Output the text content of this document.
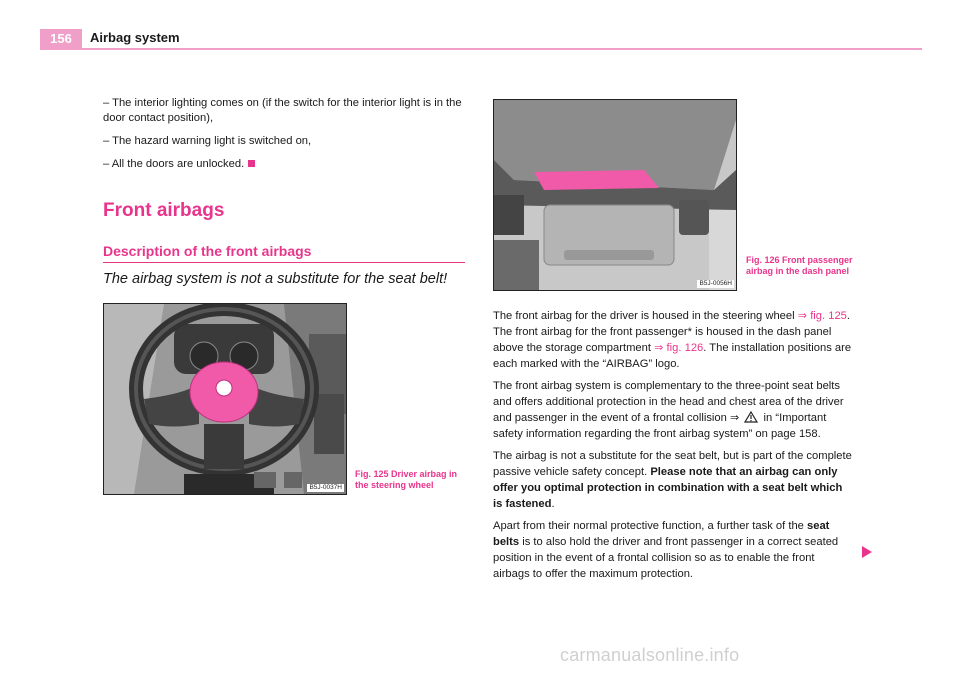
156	Airbag system

– The interior lighting comes on (if the switch for the interior light is in the door contact position),

– The hazard warning light is switched on,

– All the doors are unlocked.

Front airbags
Description of the front airbags

The airbag system is not a substitute for the seat belt!

B5J-0037H
Fig. 125 Driver airbag in the steering wheel
B5J-0056H
Fig. 126 Front passenger airbag in the dash panel

The front airbag for the driver is housed in the steering wheel ⇒ fig. 125. The front airbag for the front passenger* is housed in the dash panel above the storage compartment ⇒ fig. 126. The installation positions are each marked with the “AIRBAG” logo.

The front airbag system is complementary to the three-point seat belts and offers additional protection in the head and chest area of the driver and passenger in the event of a frontal collision ⇒  in “Important safety information regarding the front airbag system” on page 158.

The airbag is not a substitute for the seat belt, but is part of the complete passive vehicle safety concept. Please note that an airbag can only offer you optimal protection in combination with a seat belt which is fastened.

Apart from their normal protective function, a further task of the seat belts is to also hold the driver and front passenger in a correct seated position in the event of a frontal collision so as to enable the front airbags to offer the maximum protection.

carmanualsonline.info
